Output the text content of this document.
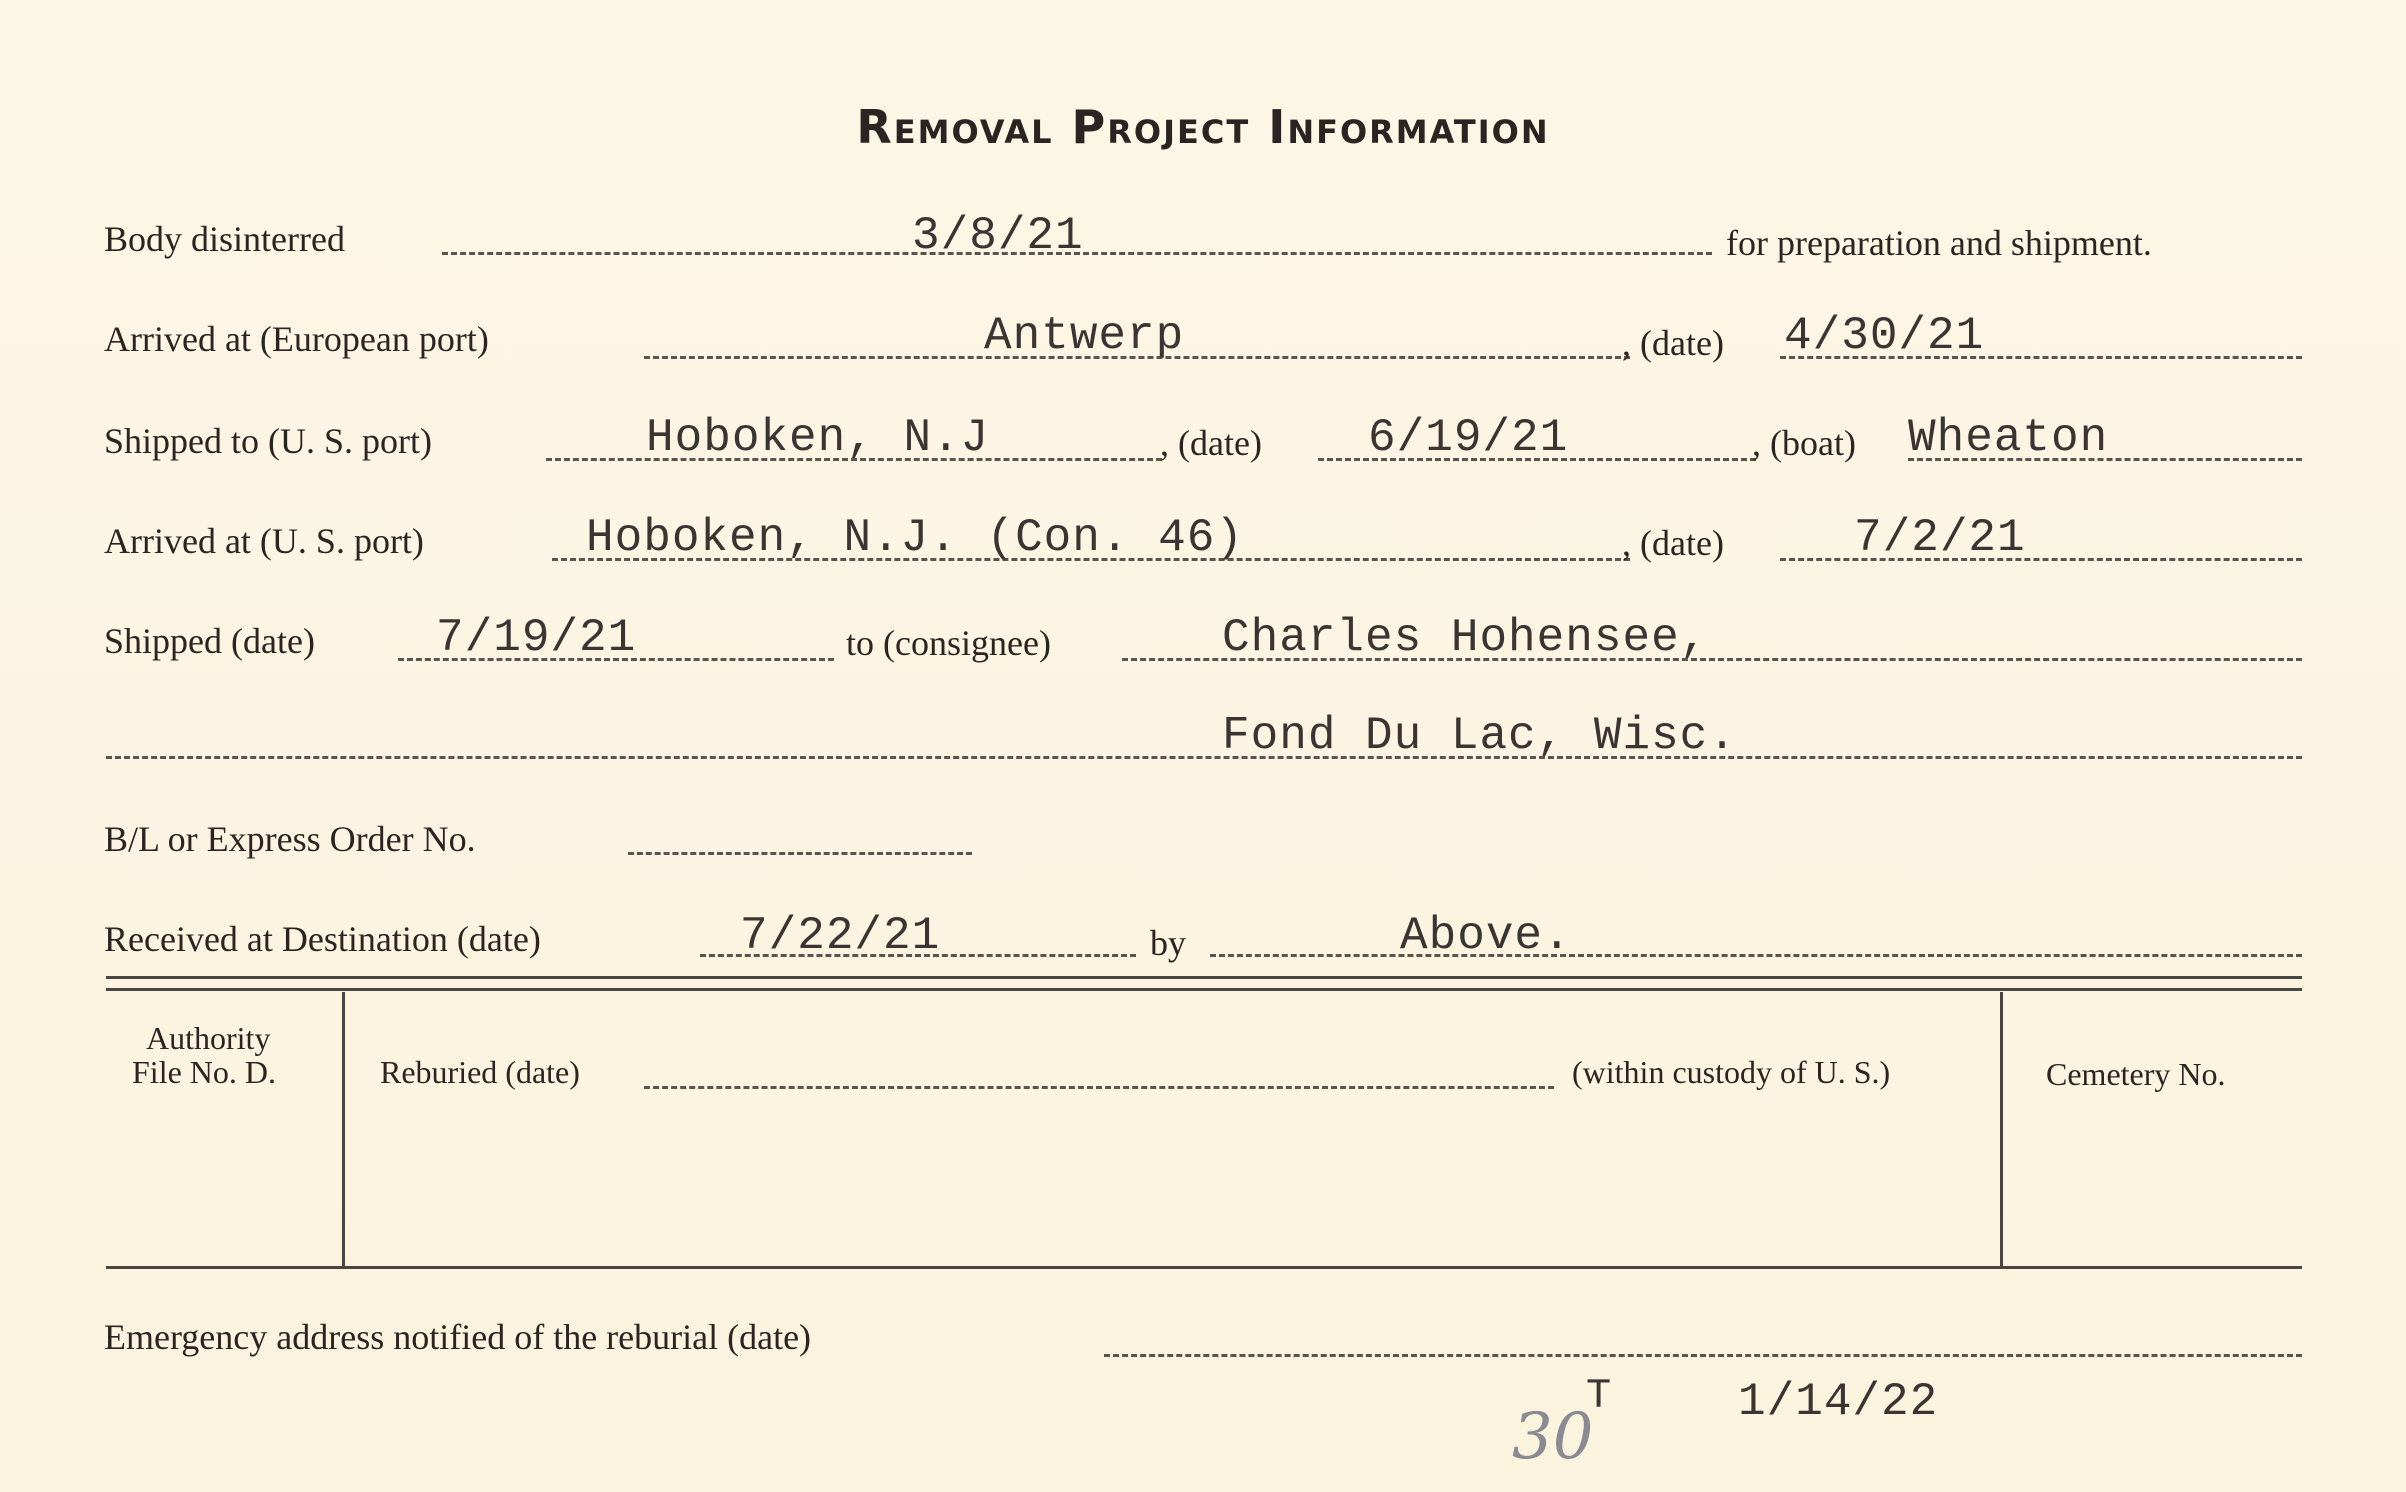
Removal Project Information
Body disinterred	3/8/21	for preparation and shipment.
Arrived at (European port)	Antwerp	, (date) 4/30/21
Shipped to (U. S. port)	Hoboken, N.J	, (date) 6/19/21	, (boat) Wheaton
Arrived at (U. S. port)	Hoboken, N.J. (Con. 46)	, (date)	7/2/21
Shipped (date)	7/19/21	to (consignee)	Charles Hohensee,
Fond Du Lac, Wisc.
B/L or Express Order No.
Received at Destination (date)	7/22/21	by	Above.
Authority
File No. D.	Reburied (date)	(within custody of U. S.)	Cemetery No.
Emergency address notified of the reburial (date)
T	1/14/22
30
